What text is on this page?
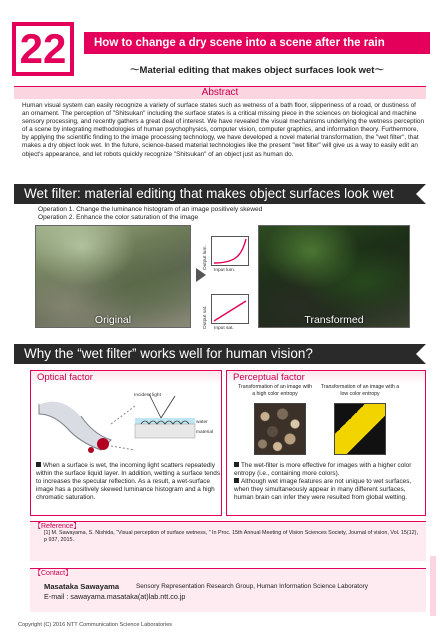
22	How to change a dry scene into a scene after the rain
～Material editing that makes object surfaces look wet～
Abstract
Human visual system can easily recognize a variety of surface states such as wetness of a bath floor, slipperiness of a road, or dustiness of an ornament. The perception of "Shitsukan" including the surface states is a critical missing piece in the sciences on biological and machine sensory processing, and recently gathers a great deal of interest. We have revealed the visual mechanisms underlying the wetness perception of a scene by integrating methodologies of human psychophysics, computer vision, computer graphics, and information theory. Furthermore, by applying the scientific finding to the image processing technology, we have developed a novel material transformation, the "wet filter", that makes a dry object look wet. In the future, science-based material technologies like the present "wet filter" will give us a way to easily edit an object's appearance, and let robots quickly recognize "Shitsukan" of an object just as human do.
Wet filter: material editing that makes object surfaces look wet
Operation 1. Change the luminance histogram of an image positively skewed
Operation 2. Enhance the color saturation of the image
Original
Output lum.
Input lum.
Output sat. Input sat.
Transformed
Why the “wet filter” works well for human vision?
Optical factor
Incident light
water
material
When a surface is wet, the incoming light scatters repeatedly within the surface liquid layer. In addition, wetting a surface tends to increases the specular reflection. As a result, a wet-surface image has a positively skewed luminance histogram and a high chromatic saturation.
Perceptual factor
Transformation of an image with a high color entropy
Transformation of an image with a low color entropy
The wet-filter is more effective for images with a higher color entropy (i.e., containing more colors).
Although wet image features are not unique to wet surfaces, when they simultaneously appear in many different surfaces, human brain can infer they were resulted from global wetting.
【Reference】
[1] M. Sawayama, S. Nishida, “Visual perception of surface wetness, ” In Proc. 15th Annual Meeting of Vision Sciences Society, Journal of vision, Vol. 15(12), p 937, 2015.
【Contact】
Masataka Sawayama	Sensory Representation Research Group, Human Information Science Laboratory
E-mail : sawayama.masataka(at)lab.ntt.co.jp
Copyright (C) 2016 NTT Communication Science Laboratories
